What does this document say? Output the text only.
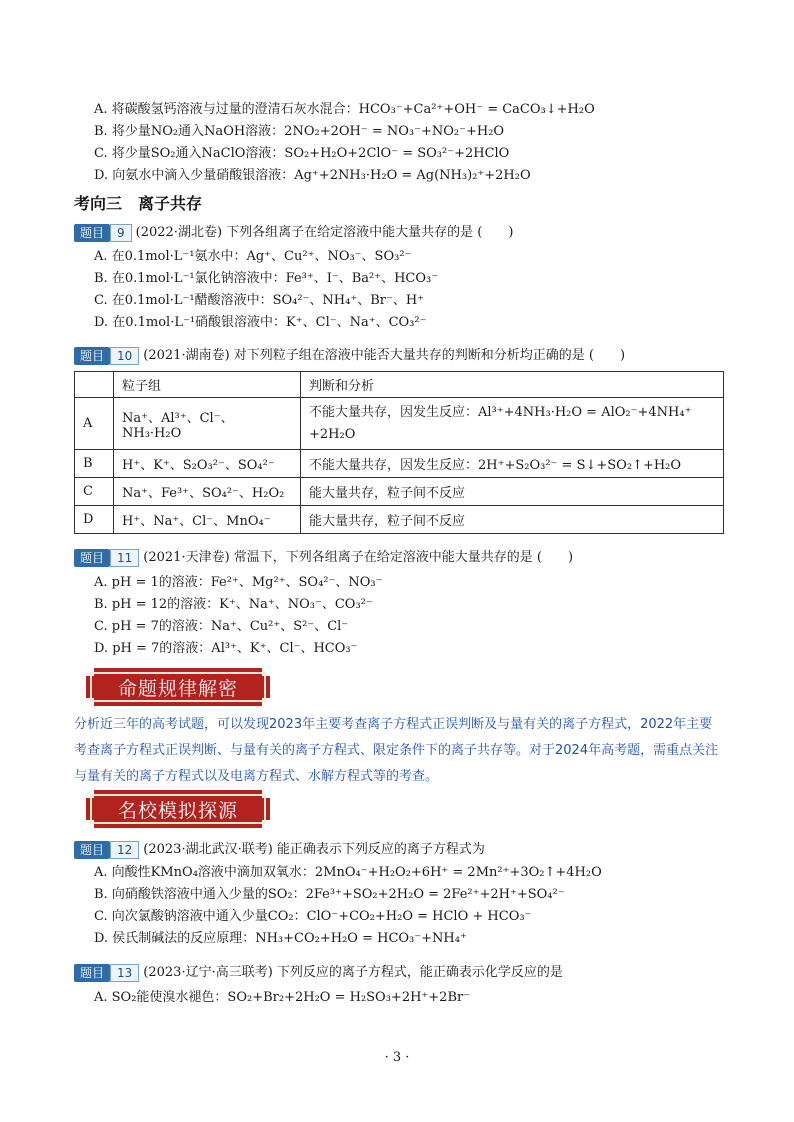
A. 将碳酸氢钙溶液与过量的澄清石灰水混合：HCO₃⁻+Ca²⁺+OH⁻ = CaCO₃↓+H₂O
B. 将少量NO₂通入NaOH溶液：2NO₂+2OH⁻ = NO₃⁻+NO₂⁻+H₂O
C. 将少量SO₂通入NaClO溶液：SO₂+H₂O+2ClO⁻ = SO₃²⁻+2HClO
D. 向氨水中滴入少量硝酸银溶液：Ag⁺+2NH₃·H₂O = Ag(NH₃)₂⁺+2H₂O
考向三　离子共存
题目	9 (2022·湖北卷) 下列各组离子在给定溶液中能大量共存的是 (　　)
A. 在0.1mol·L⁻¹氨水中：Ag⁺、Cu²⁺、NO₃⁻、SO₃²⁻
B. 在0.1mol·L⁻¹氯化钠溶液中：Fe³⁺、I⁻、Ba²⁺、HCO₃⁻
C. 在0.1mol·L⁻¹醋酸溶液中：SO₄²⁻、NH₄⁺、Br⁻、H⁺
D. 在0.1mol·L⁻¹硝酸银溶液中：K⁺、Cl⁻、Na⁺、CO₃²⁻
题目	10 (2021·湖南卷) 对下列粒子组在溶液中能否大量共存的判断和分析均正确的是 (　　)
	粒子组	判断和分析
A	Na⁺、Al³⁺、Cl⁻、NH₃·H₂O	不能大量共存，因发生反应：Al³⁺+4NH₃·H₂O = AlO₂⁻+4NH₄⁺ +2H₂O
B	H⁺、K⁺、S₂O₃²⁻、SO₄²⁻	不能大量共存，因发生反应：2H⁺+S₂O₃²⁻ = S↓+SO₂↑+H₂O
C	Na⁺、Fe³⁺、SO₄²⁻、H₂O₂	能大量共存，粒子间不反应
D	H⁺、Na⁺、Cl⁻、MnO₄⁻	能大量共存，粒子间不反应
题目	11 (2021·天津卷) 常温下，下列各组离子在给定溶液中能大量共存的是 (　　)
A. pH = 1的溶液：Fe²⁺、Mg²⁺、SO₄²⁻、NO₃⁻
B. pH = 12的溶液：K⁺、Na⁺、NO₃⁻、CO₃²⁻
C. pH = 7的溶液：Na⁺、Cu²⁺、S²⁻、Cl⁻
D. pH = 7的溶液：Al³⁺、K⁺、Cl⁻、HCO₃⁻
命题规律解密
分析近三年的高考试题，可以发现2023年主要考查离子方程式正误判断及与量有关的离子方程式，2022年主要考查离子方程式正误判断、与量有关的离子方程式、限定条件下的离子共存等。对于2024年高考题，需重点关注与量有关的离子方程式以及电离方程式、水解方程式等的考查。
名校模拟探源
题目	12 (2023·湖北武汉·联考) 能正确表示下列反应的离子方程式为
A. 向酸性KMnO₄溶液中滴加双氧水：2MnO₄⁻+H₂O₂+6H⁺ = 2Mn²⁺+3O₂↑+4H₂O
B. 向硝酸铁溶液中通入少量的SO₂：2Fe³⁺+SO₂+2H₂O = 2Fe²⁺+2H⁺+SO₄²⁻
C. 向次氯酸钠溶液中通入少量CO₂：ClO⁻+CO₂+H₂O = HClO + HCO₃⁻
D. 侯氏制碱法的反应原理：NH₃+CO₂+H₂O = HCO₃⁻+NH₄⁺
题目	13 (2023·辽宁·高三联考) 下列反应的离子方程式，能正确表示化学反应的是
A. SO₂能使溴水褪色：SO₂+Br₂+2H₂O = H₂SO₃+2H⁺+2Br⁻
· 3 ·
